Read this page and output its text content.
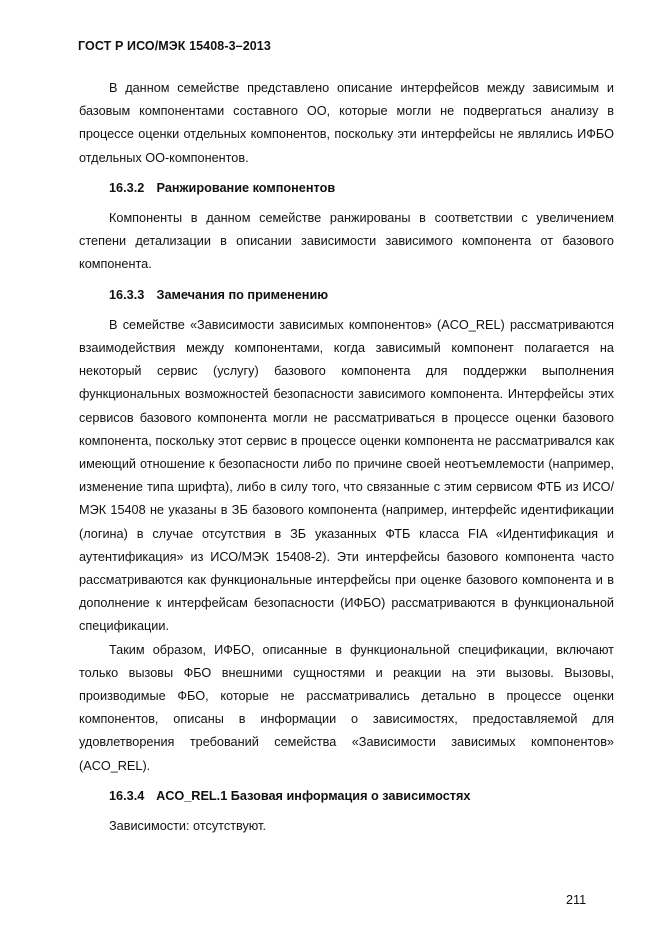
ГОСТ Р ИСО/МЭК 15408-3–2013

В данном семействе представлено описание интерфейсов между зависимым и базовым компонентами составного ОО, которые могли не подвергаться анализу в процессе оценки отдельных компонентов, поскольку эти интерфейсы не являлись ИФБО отдельных ОО-компонентов.

16.3.2 Ранжирование компонентов

Компоненты в данном семействе ранжированы в соответствии с увеличением степени детализации в описании зависимости зависимого компонента от базового компонента.

16.3.3 Замечания по применению

В семействе «Зависимости зависимых компонентов» (ACO_REL) рассматриваются взаимодействия между компонентами, когда зависимый компонент полагается на некоторый сервис (услугу) базового компонента для поддержки выполнения функциональных возможностей безопасности зависимого компонента. Интерфейсы этих сервисов базового компонента могли не рассматриваться в процессе оценки базового компонента, поскольку этот сервис в процессе оценки компонента не рассматривался как имеющий отношение к безопасности либо по причине своей неотъемлемости (например, изменение типа шрифта), либо в силу того, что связанные с этим сервисом ФТБ из ИСО/МЭК 15408 не указаны в ЗБ базового компонента (например, интерфейс идентификации (логина) в случае отсутствия в ЗБ указанных ФТБ класса FIA «Идентификация и аутентификация» из ИСО/МЭК 15408-2). Эти интерфейсы базового компонента часто рассматриваются как функциональные интерфейсы при оценке базового компонента и в дополнение к интерфейсам безопасности (ИФБО) рассматриваются в функциональной спецификации.

Таким образом, ИФБО, описанные в функциональной спецификации, включают только вызовы ФБО внешними сущностями и реакции на эти вызовы. Вызовы, производимые ФБО, которые не рассматривались детально в процессе оценки компонентов, описаны в информации о зависимостях, предоставляемой для удовлетворения требований семейства «Зависимости зависимых компонентов» (ACO_REL).

16.3.4 ACO_REL.1 Базовая информация о зависимостях

Зависимости: отсутствуют.

211
